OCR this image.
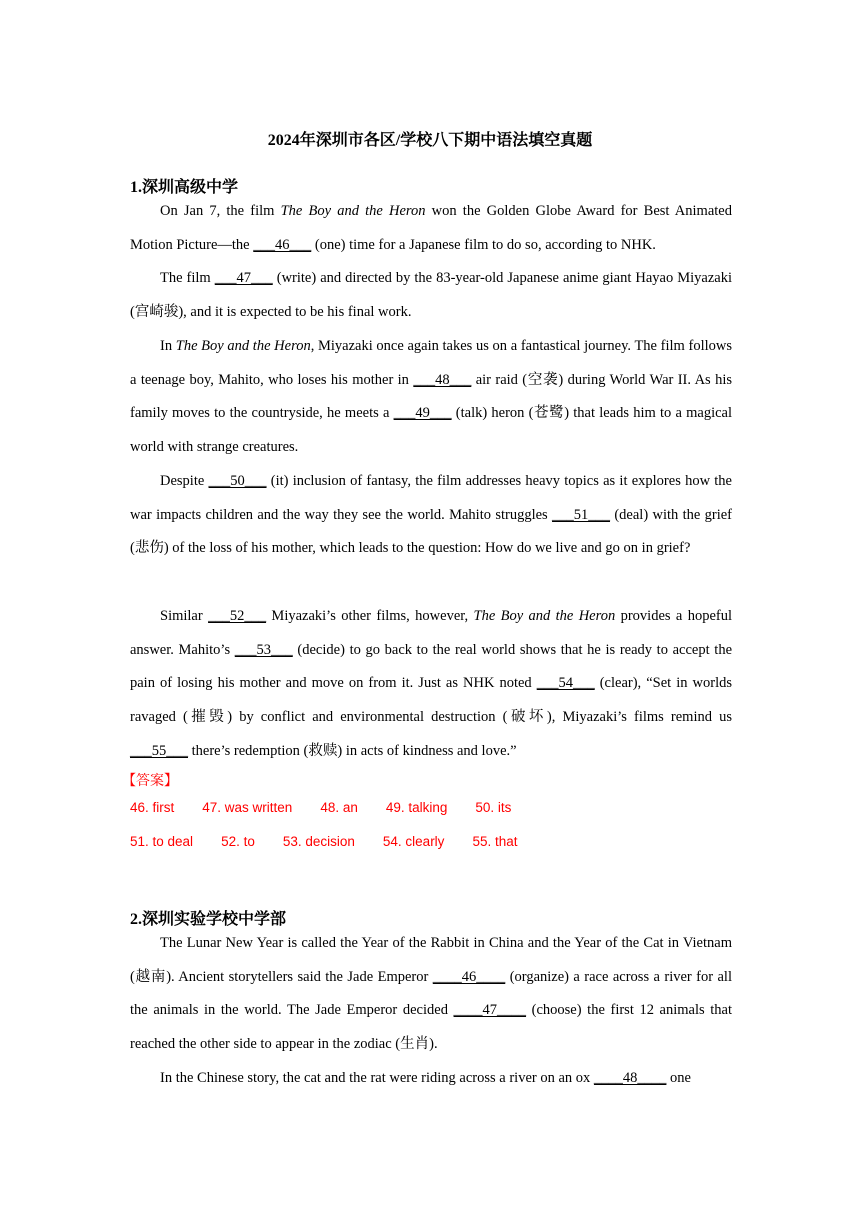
2024年深圳市各区/学校八下期中语法填空真题
1.深圳高级中学
On Jan 7, the film The Boy and the Heron won the Golden Globe Award for Best Animated Motion Picture—the ___46___ (one) time for a Japanese film to do so, according to NHK.
The film ___47___ (write) and directed by the 83-year-old Japanese anime giant Hayao Miyazaki (宫崎骏), and it is expected to be his final work.
In The Boy and the Heron, Miyazaki once again takes us on a fantastical journey. The film follows a teenage boy, Mahito, who loses his mother in ___48___ air raid (空袭) during World War II. As his family moves to the countryside, he meets a ___49___ (talk) heron (苍鹭) that leads him to a magical world with strange creatures.
Despite ___50___ (it) inclusion of fantasy, the film addresses heavy topics as it explores how the war impacts children and the way they see the world. Mahito struggles ___51___ (deal) with the grief (悲伤) of the loss of his mother, which leads to the question: How do we live and go on in grief?
Similar ___52___ Miyazaki’s other films, however, The Boy and the Heron provides a hopeful answer. Mahito’s ___53___ (decide) to go back to the real world shows that he is ready to accept the pain of losing his mother and move on from it. Just as NHK noted ___54___ (clear), “Set in worlds ravaged (摧毁) by conflict and environmental destruction (破坏), Miyazaki’s films remind us ___55___ there’s redemption (救赎) in acts of kindness and love.”
【答案】
46. first 47. was written 48. an 49. talking 50. its
51. to deal 52. to 53. decision 54. clearly 55. that
2.深圳实验学校中学部
The Lunar New Year is called the Year of the Rabbit in China and the Year of the Cat in Vietnam (越南). Ancient storytellers said the Jade Emperor ____46____ (organize) a race across a river for all the animals in the world. The Jade Emperor decided ____47____ (choose) the first 12 animals that reached the other side to appear in the zodiac (生肖).
In the Chinese story, the cat and the rat were riding across a river on an ox ____48____ one
